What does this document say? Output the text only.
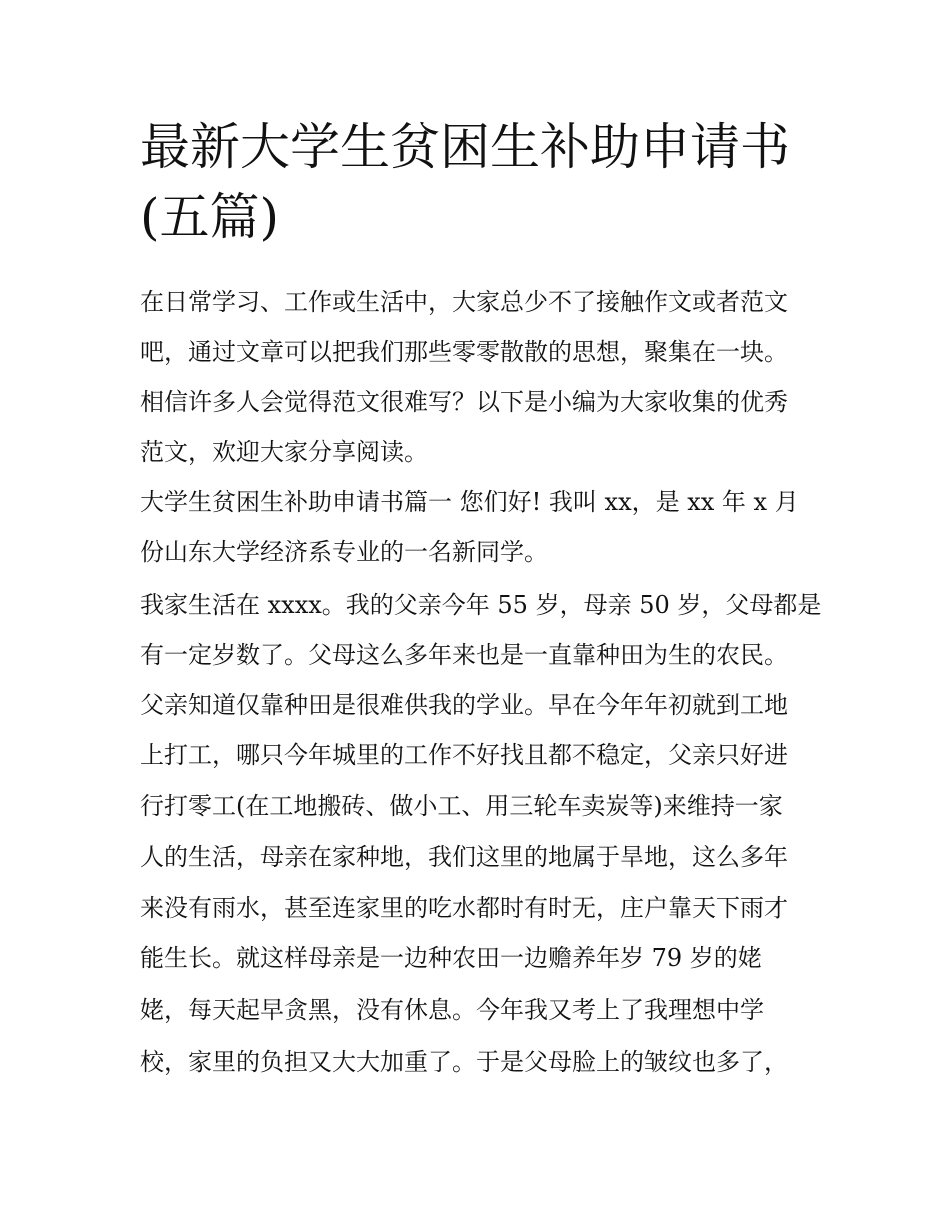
最新大学生贫困生补助申请书
(五篇)

在日常学习、工作或生活中，大家总少不了接触作文或者范文

吧，通过文章可以把我们那些零零散散的思想，聚集在一块。

相信许多人会觉得范文很难写？以下是小编为大家收集的优秀

范文，欢迎大家分享阅读。

大学生贫困生补助申请书篇一 您们好! 我叫 xx，是 xx 年 x 月

份山东大学经济系专业的一名新同学。

我家生活在 xxxx。我的父亲今年 55 岁，母亲 50 岁，父母都是

有一定岁数了。父母这么多年来也是一直靠种田为生的农民。

父亲知道仅靠种田是很难供我的学业。早在今年年初就到工地

上打工，哪只今年城里的工作不好找且都不稳定，父亲只好进

行打零工(在工地搬砖、做小工、用三轮车卖炭等)来维持一家

人的生活，母亲在家种地，我们这里的地属于旱地，这么多年

来没有雨水，甚至连家里的吃水都时有时无，庄户靠天下雨才

能生长。就这样母亲是一边种农田一边赡养年岁 79 岁的姥

姥，每天起早贪黑，没有休息。今年我又考上了我理想中学

校，家里的负担又大大加重了。于是父母脸上的皱纹也多了，
